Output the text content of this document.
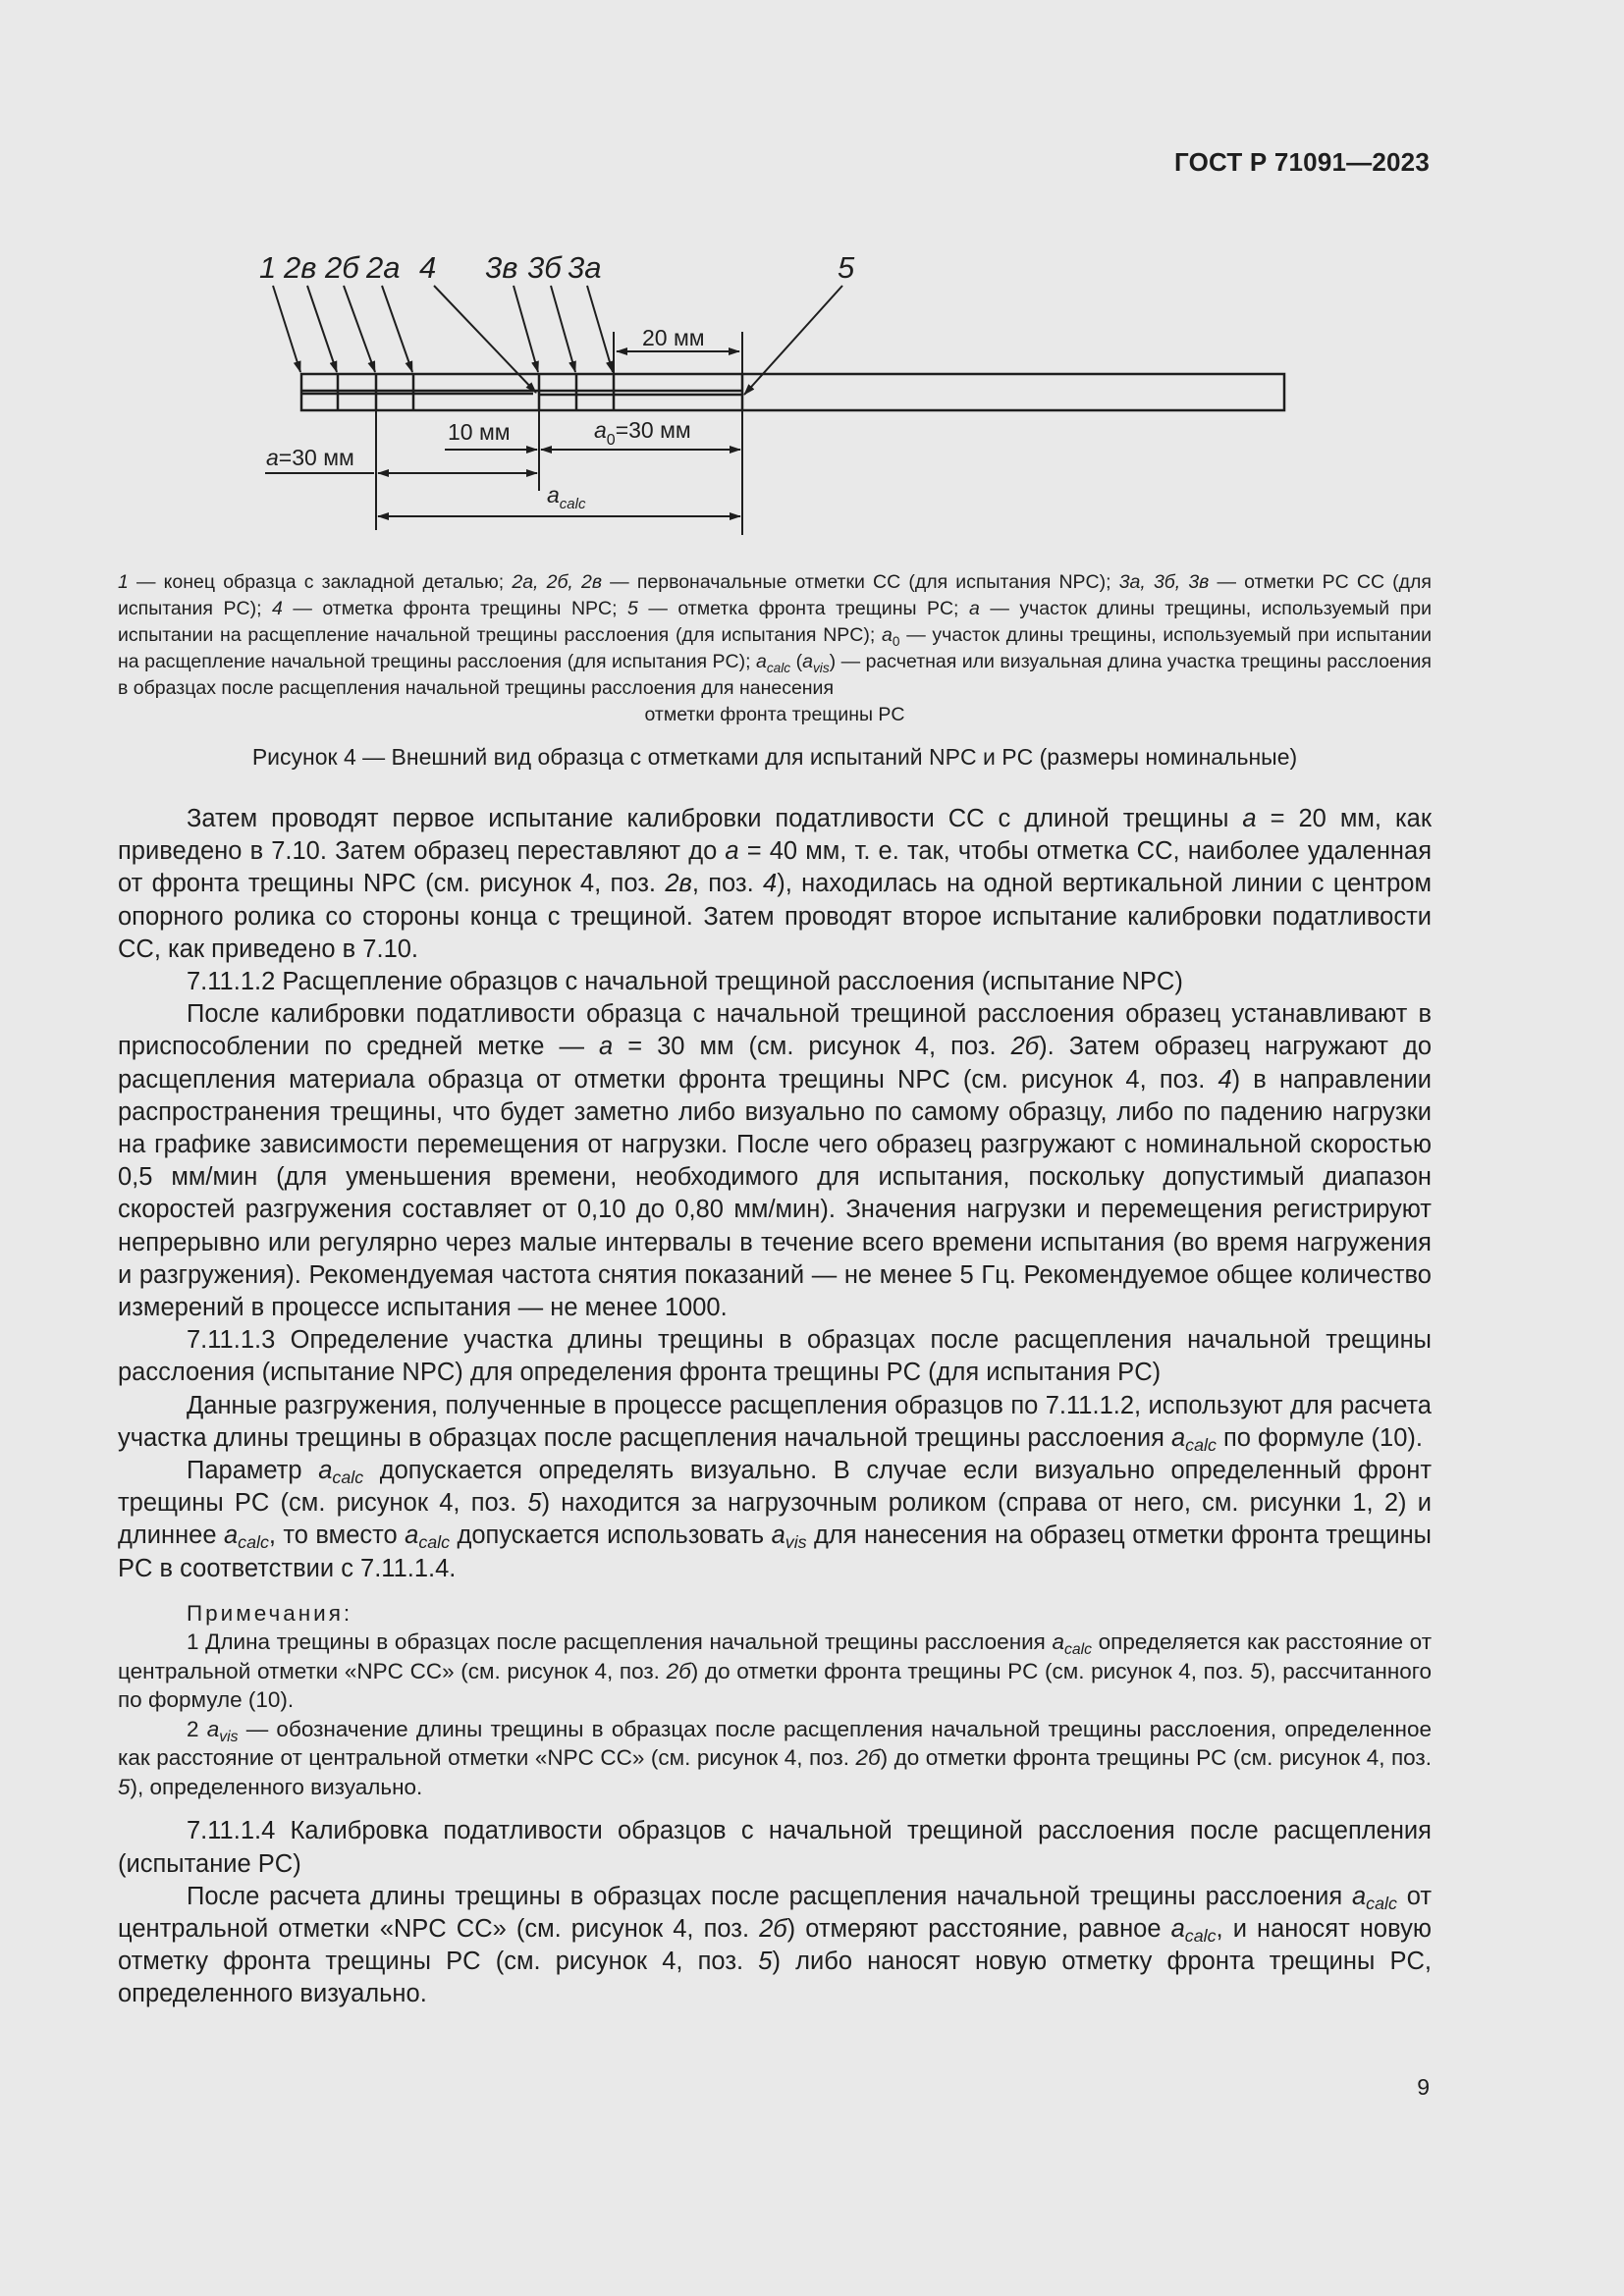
ГОСТ Р 71091—2023
1 2в 2б 2а 4 3в 3б 3а	5
20 мм
10 мм	$a_0=30$ мм
a=30 мм
$a_{calc}$
1 — конец образца с закладной деталью; 2а, 2б, 2в — первоначальные отметки СС (для испытания NPC); 3а, 3б, 3в — отметки PC СС (для испытания PC); 4 — отметка фронта трещины NPC; 5 — отметка фронта трещины PC; a — участок длины трещины, используемый при испытании на расщепление начальной трещины расслоения (для испытания NPC); $a_0$ — участок длины трещины, используемый при испытании на расщепление начальной трещины расслоения (для испытания PC); $a_{calc}$ $(a_{vis})$ — расчетная или визуальная длина участка трещины расслоения в образцах после расщепления начальной трещины расслоения для нанесения
отметки фронта трещины PC
Рисунок 4 — Внешний вид образца с отметками для испытаний NPC и PC (размеры номинальные)

Затем проводят первое испытание калибровки податливости СС с длиной трещины a = 20 мм, как приведено в 7.10. Затем образец переставляют до a = 40 мм, т. е. так, чтобы отметка СС, наиболее удаленная от фронта трещины NPC (см. рисунок 4, поз. 2в, поз. 4), находилась на одной вертикальной линии с центром опорного ролика со стороны конца с трещиной. Затем проводят второе испытание калибровки податливости СС, как приведено в 7.10.

7.11.1.2 Расщепление образцов с начальной трещиной расслоения (испытание NPC)

После калибровки податливости образца с начальной трещиной расслоения образец устанавливают в приспособлении по средней метке — a = 30 мм (см. рисунок 4, поз. 2б). Затем образец нагружают до расщепления материала образца от отметки фронта трещины NPC (см. рисунок 4, поз. 4) в направлении распространения трещины, что будет заметно либо визуально по самому образцу, либо по падению нагрузки на графике зависимости перемещения от нагрузки. После чего образец разгружают с номинальной скоростью 0,5 мм/мин (для уменьшения времени, необходимого для испытания, поскольку допустимый диапазон скоростей разгружения составляет от 0,10 до 0,80 мм/мин). Значения нагрузки и перемещения регистрируют непрерывно или регулярно через малые интервалы в течение всего времени испытания (во время нагружения и разгружения). Рекомендуемая частота снятия показаний — не менее 5 Гц. Рекомендуемое общее количество измерений в процессе испытания — не менее 1000.

7.11.1.3 Определение участка длины трещины в образцах после расщепления начальной трещины расслоения (испытание NPC) для определения фронта трещины PC (для испытания PC)

Данные разгружения, полученные в процессе расщепления образцов по 7.11.1.2, используют для расчета участка длины трещины в образцах после расщепления начальной трещины расслоения $a_{calc}$ по формуле (10).

Параметр $a_{calc}$ допускается определять визуально. В случае если визуально определенный фронт трещины PC (см. рисунок 4, поз. 5) находится за нагрузочным роликом (справа от него, см. рисунки 1, 2) и длиннее $a_{calc}$, то вместо $a_{calc}$ допускается использовать $a_{vis}$ для нанесения на образец отметки фронта трещины PC в соответствии с 7.11.1.4.

Примечания:

1 Длина трещины в образцах после расщепления начальной трещины расслоения $a_{calc}$ определяется как расстояние от центральной отметки «NPC СС» (см. рисунок 4, поз. 2б) до отметки фронта трещины PC (см. рисунок 4, поз. 5), рассчитанного по формуле (10).

2 $a_{vis}$ — обозначение длины трещины в образцах после расщепления начальной трещины расслоения, определенное как расстояние от центральной отметки «NPC СС» (см. рисунок 4, поз. 2б) до отметки фронта трещины PC (см. рисунок 4, поз. 5), определенного визуально.

7.11.1.4 Калибровка податливости образцов с начальной трещиной расслоения после расщепления (испытание PC)

После расчета длины трещины в образцах после расщепления начальной трещины расслоения $a_{calc}$ от центральной отметки «NPC СС» (см. рисунок 4, поз. 2б) отмеряют расстояние, равное $a_{calc}$, и наносят новую отметку фронта трещины PC (см. рисунок 4, поз. 5) либо наносят новую отметку фронта трещины PC, определенного визуально.

9
